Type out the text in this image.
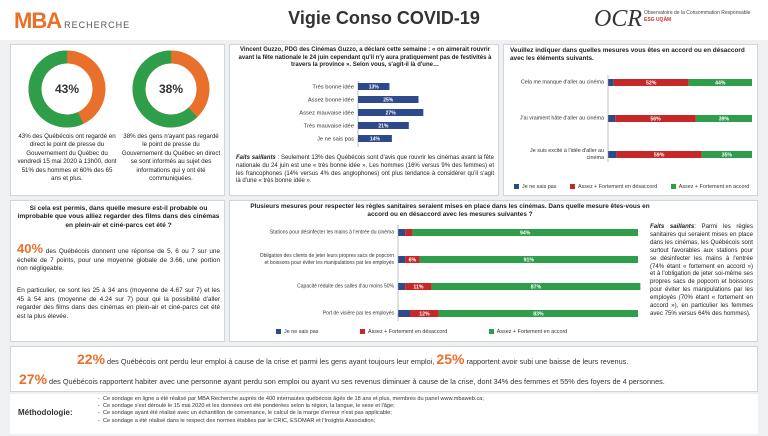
MBA RECHERCHE	Vigie Conso COVID-19	OCR Observatoire de la Consommation Responsable
ESG UQÀM
43%	38%
43% des Québécois ont regardé en direct le point de presse du Gouvernement du Québec du vendredi 15 mai 2020 à 13h00, dont 51% des hommes et 60% des 65 ans et plus.
38% des gens n'ayant pas regardé le point de presse du Gouvernement du Québec en direct se sont informés au sujet des informations qui y ont été communiquées.
Vincent Guzzo, PDG des Cinémas Guzzo, a déclaré cette semaine : « on aimerait rouvrir avant la fête nationale le 24 juin cependant qu'il n'y aura pratiquement pas de festivités à travers la province ». Selon vous, s'agit-il là d'une…
Très bonne idée	13%
Assez bonne idée	25%
Assez mauvaise idée	27%
Très mauvaise idée	21%
Je ne sais pas	14%
Faits saillants : Seulement 13% des Québécois sont d'avis que rouvrir les cinémas avant la fête nationale du 24 juin est une « très bonne idée ». Les hommes (16% versus 9% des femmes) et les francophones (14% versus 4% des anglophones) ont plus tendance à considérer qu'il s'agit là d'une « très bonne idée ».
Veuillez indiquer dans quelles mesures vous êtes en accord ou en désaccord avec les éléments suivants.
Cela me manque d'aller au cinéma	52%	44%
J'ai vraiment hâte d'aller au cinéma	56%	39%
Je suis excité à l'idée d'aller au
cinéma	59%	35%
Je ne sais pas	Assez + Fortement en désaccord	Assez + Fortement en accord
Si cela est permis, dans quelle mesure est-il probable ou improbable que vous alliez regarder des films dans des cinémas en plein-air et ciné-parcs cet été ?
40% des Québécois donnent une réponse de 5, 6 ou 7 sur une échelle de 7 points, pour une moyenne globale de 3.66, une portion non négligeable.
En particulier, ce sont les 25 à 34 ans (moyenne de 4.67 sur 7) et les 45 à 54 ans (moyenne de 4.24 sur 7) pour qui la possibilité d'aller regarder des films dans des cinémas en plein-air et ciné-parcs cet été est la plus élevée.
Plusieurs mesures pour respecter les règles sanitaires seraient mises en place dans les cinémas. Dans quelle mesure êtes-vous en accord ou en désaccord avec les mesures suivantes ?
Stations pour désinfecter les mains à l'entrée du cinéma	94%
Obligation des clients de jeter leurs propres sacs de popcorn
et boissons pour éviter les manipulations par les employés	6%	91%
Capacité réduite des salles d'au moins 50%	11%	87%
Port de visière par les employés	12%	83%
Je ne sais pas	Assez + Fortement en désaccord	Assez + Fortement en accord
Faits saillants: Parmi les règles sanitaires qui seraient mises en place dans les cinémas, les Québécois sont surtout favorables aux stations pour se désinfecter les mains à l'entrée (74% étant « fortement en accord ») et à l'obligation de jeter soi-même ses propres sacs de popcorn et boissons pour éviter les manipulations par les employés (70% étant « fortement en accord »), en particulier les femmes avec 75% versus 64% des hommes).
22% des Québécois ont perdu leur emploi à cause de la crise et parmi les gens ayant toujours leur emploi, 25% rapportent avoir subi une baisse de leurs revenus.
27% des Québécois rapportent habiter avec une personne ayant perdu son emploi ou ayant vu ses revenus diminuer à cause de la crise, dont 34% des femmes et 55% des foyers de 4 personnes.
Méthodologie:
-  Ce sondage en ligne a été réalisé par MBA Recherche auprès de 400 internautes québécois âgés de 18 ans et plus, membres du panel www.mbaweb.ca;
-  Ce sondage s'est déroulé le 15 mai 2020 et les données ont été pondérées selon la région, la langue, le sexe et l'âge;
-  Ce sondage ayant été réalisé avec un échantillon de convenance, le calcul de la marge d'erreur n'est pas applicable;
-  Ce sondage a été réalisé dans le respect des normes établies par le CRIC, ESOMAR et l'Insights Association;
